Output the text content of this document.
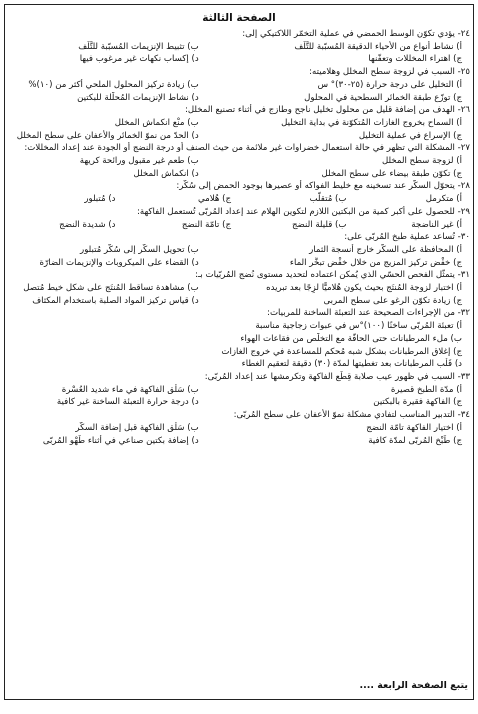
الصفحة الثالثة
٢٤- يؤدي تكوّن الوسط الحمضي في عملية التخمّر اللاكتيكي إلى:
أ) نشاط أنواع من الأحياء الدقيقة المُسبّبة للتَّلَف
ب) تثبيط الإنزيمات المُسبّبة للتَّلَف
ج) اهتراء المخللات وتعفّنها
د) إكساب نكهات غير مرغوب فيها
٢٥- السبب في لزوجة سطح المخلل وهلاميته:
أ) التخليل على درجة حرارة (٢٥-٣٠)° س
ب) زيادة تركيز المحلول الملحي أكثر من (١٠)%
ج) توزّع طبقة الخمائر السطحية في المحلول
د) نشاط الإنزيمات المُحلّلة للبكتين
٢٦- الهدف من إضافة قليل من محلول تخليل ناجح وطازج في أثناء تصنيع المخلل:
أ) السماح بخروج الغازات المُتكوّنة في بداية التخليل
ب) منْع انكماش المخلل
ج) الإسراع في عملية التخليل
د) الحدّ من نموّ الخمائر والأعفان على سطح المخلل
٢٧- المشكلة التي تظهر في حالة استعمال خضراوات غير ملائمة من حيث الصنف أو درجة النضج أو الجودة عند إعداد المخللات:
أ) لزوجة سطح المخلل
ب) طعم غير مقبول ورائحة كريهة
ج) تكوّن طبقة بيضاء على سطح المخلل
د) انكماش المخلل
٢٨- يتحوّل السكّر عند تسخينه مع خليط الفواكه أو عصيرها بوجود الحمض إلى سُكّر:
أ) متكرمل
ب) مُتقلّب
ج) هُلامي
د) مُتبلور
٢٩- للحصول على أكبر كمية من البكتين اللازم لتكوين الهلام عند إعداد المُربّى تُستعمل الفاكهة:
أ) غير الناضجة
ب) قليلة النضج
ج) تامّة النضج
د) شديدة النضج
٣٠- تُساعد عملية طبخ المُربّى على:
أ) المحافظة على السكّر خارج أنسجة الثمار
ب) تحويل السكّر إلى سُكّر مُتبلور
ج) خفْض تركيز المزيج من خلال خفْض تبخُّر الماء
د) القضاء على الميكروبات والإنزيمات الضارّة
٣١- يتمثّل الفحص الحسّي الذي يُمكن اعتماده لتحديد مستوى نُضج المُربّيات بـ:
أ) اختبار لزوجة المُنتَج بحيث يكون هُلاميًّا لزِجًا بعد تبريده
ب) مشاهدة تساقط المُنتَج على شكل خيط مُتصل
ج) زيادة تكوّن الرغو على سطح المربى
د) قياس تركيز المواد الصلبة باستخدام المكثاف
٣٢- من الإجراءات الصحيحة عند التعبئة الساخنة للمربيات:
أ) تعبئة المُربّى ساخنًا (١٠٠)°س في عبوات زجاجية مناسبة
ب) ملء المرطبانات حتى الحافّة مع التخلّص من فقاعات الهواء
ج) إغلاق المرطبانات بشكل شبه مُحكم للمساعدة في خروج الغازات
د) قَلْب المرطبانات بعد تغطيتها لمدّة (٣٠) دقيقة لتعقيم الغطاء
٣٣- السبب في ظهور عيب صلابة قِطَع الفاكهة وتكرمشها عند إعداد المُربّى:
أ) مدّة الطبخ قصيرة
ب) سَلْق الفاكهة في ماء شديد العُسْرة
ج) الفاكهة فقيرة بالبكتين
د) درجة حرارة التعبئة الساخنة غير كافية
٣٤- التدبير المناسب لتفادي مشكلة نموّ الأعفان على سطح المُربّى:
أ) اختيار الفاكهة تامّة النضج
ب) سَلْق الفاكهة قبل إضافة السكّر
ج) طَبْخ المُربّى لمدّة كافية
د) إضافة بكتين صناعي في أثناء طَهْو المُربّى
يتبع الصفحة الرابعة ....
